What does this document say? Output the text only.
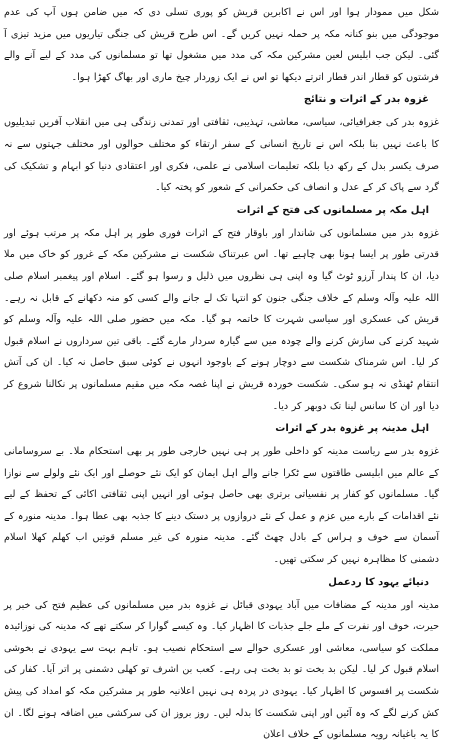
شکل میں ممودار ہوا اور اس نے اکابرین قریش کو پوری تسلی دی کہ میں ضامن ہوں آپ کی عدم موجودگی میں بنو کنانہ مکہ پر حملہ نہیں کریں گے۔ اس طرح قریش کی جنگی تیاریوں میں مزید تیزی آ گئی۔ لیکن جب ابلیس لعین مشرکین مکہ کی مدد میں مشغول تھا تو مسلمانوں کی مدد کے لیے آنے والے فرشتوں کو قطار اندر قطار اترتے دیکھا تو اس نے ایک زوردار چیخ ماری اور بھاگ کھڑا ہوا۔

غزوہ بدر کے اثرات و نتائج

غزوہ بدر کی جغرافیائی، سیاسی، معاشی، تہذیبی، ثقافتی اور تمدنی زندگی ہی میں انقلاب آفریں تبدیلیوں کا باعث نہیں بنا بلکہ اس نے تاریخ انسانی کے سفر ارتقاء کو مختلف حوالوں اور مختلف جہتوں سے نہ صرف یکسر بدل کے رکھ دیا بلکہ تعلیمات اسلامی نے علمی، فکری اور اعتقادی دنیا کو ابہام و تشکیک کی گرد سے پاک کر کے عدل و انصاف کی حکمرانی کے شعور کو پختہ کیا۔

اہل مکہ پر مسلمانوں کی فتح کے اثرات

غزوہ بدر میں مسلمانوں کی شاندار اور باوقار فتح کے اثرات فوری طور پر اہل مکہ پر مرتب ہوئے اور قدرتی طور پر ایسا ہونا بھی چاہیے تھا۔ اس عبرتناک شکست نے مشرکین مکہ کے غرور کو خاک میں ملا دیا، ان کا پندار آرزو ٹوٹ گیا وہ اپنی ہی نظروں میں ذلیل و رسوا ہو گئے۔ اسلام اور پیغمبر اسلام صلی اللہ علیہ وآلہ وسلم کے خلاف جنگی جنون کو انتہا تک لے جانے والے کسی کو منہ دکھانے کے قابل نہ رہے۔ قریش کی عسکری اور سیاسی شہرت کا خاتمہ ہو گیا۔ مکہ میں حضور صلی اللہ علیہ وآلہ وسلم کو شہید کرنے کی سازش کرنے والے چودہ میں سے گیارہ سردار مارے گئے۔ باقی تین سرداروں نے اسلام قبول کر لیا۔ اس شرمناک شکست سے دوچار ہونے کے باوجود انہوں نے کوئی سبق حاصل نہ کیا۔ ان کی آتش انتقام ٹھنڈی نہ ہو سکی۔ شکست خوردہ قریش نے اپنا غصہ مکہ میں مقیم مسلمانوں پر نکالنا شروع کر دیا اور ان کا سانس لینا تک دوبھر کر دیا۔

اہل مدینہ پر غزوہ بدر کے اثرات

غزوہ بدر سے ریاست مدینہ کو داخلی طور پر ہی نہیں خارجی طور پر بھی استحکام ملا۔ بے سروسامانی کے عالم میں ابلیسی طاقتوں سے ٹکرا جانے والے اہل ایمان کو ایک نئے حوصلے اور ایک نئے ولولے سے نوازا گیا۔ مسلمانوں کو کفار پر نفسیاتی برتری بھی حاصل ہوئی اور انہیں اپنی ثقافتی اکائی کے تحفظ کے لیے نئے اقدامات کے بارے میں عزم و عمل کے نئے دروازوں پر دستک دینے کا جذبہ بھی عطا ہوا۔ مدینہ منورہ کے آسمان سے خوف و ہراس کے بادل چھٹ گئے۔ مدینہ منورہ کی غیر مسلم قوتیں اب کھلم کھلا اسلام دشمنی کا مظاہرہ نہیں کر سکتی تھیں۔

دنیائے یہود کا ردعمل

مدینہ اور مدینہ کے مضافات میں آباد یہودی قبائل نے غزوہ بدر میں مسلمانوں کی عظیم فتح کی خبر پر حیرت، خوف اور نفرت کے ملے جلے جذبات کا اظہار کیا۔ وہ کیسے گوارا کر سکتے تھے کہ مدینہ کی نوزائیدہ مملکت کو سیاسی، معاشی اور عسکری حوالے سے استحکام نصیب ہو۔ تاہم بہت سے یہودی نے بخوشی اسلام قبول کر لیا۔ لیکن بد بخت تو بد بخت ہی رہے۔ کعب بن اشرف تو کھلی دشمنی پر اتر آیا۔ کفار کی شکست پر افسوس کا اظہار کیا۔ یہودی در پردہ ہی نہیں اعلانیہ طور پر مشرکین مکہ کو امداد کی پیش کش کرنے لگے کہ وہ آئیں اور اپنی شکست کا بدلہ لیں۔ روز بروز ان کی سرکشی میں اضافہ ہونے لگا۔ ان کا یہ باغیانہ رویہ مسلمانوں کے خلاف اعلان
